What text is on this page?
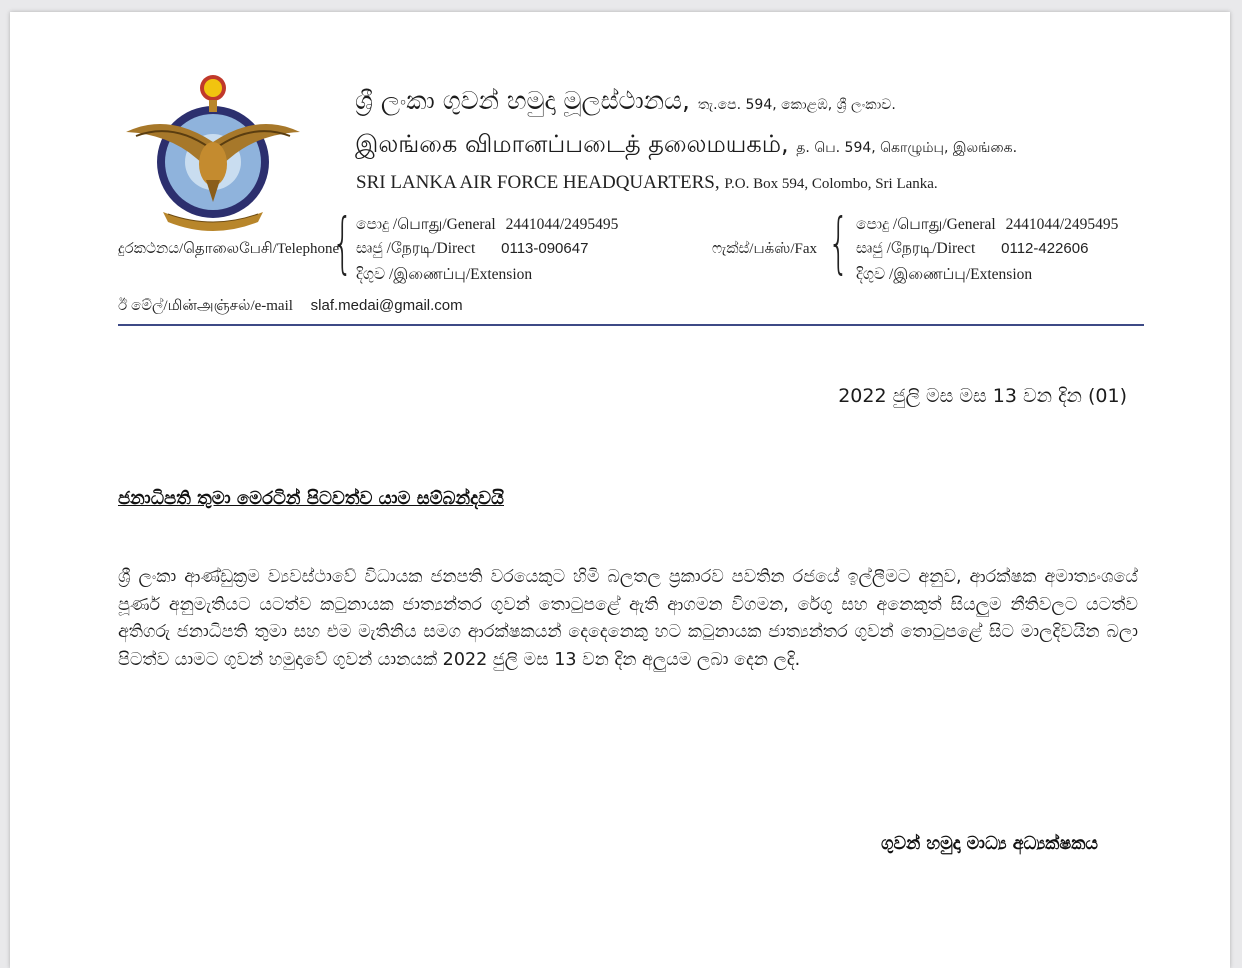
ශ්‍රී ලංකා ගුවන් හමුදා මූලස්ථානය, තැ.පෙ. 594, කොළඹ, ශ්‍රී ලංකාව.
இலங்கை விமானப்படைத் தலைமயகம், த. பெ. 594, கொழும்பு, இலங்கை.
SRI LANKA AIR FORCE HEADQUARTERS, P.O. Box 594, Colombo, Sri Lanka.
දුරකථනය/தொலைபேசி/Telephone
{ පොදු /பொது/General 2441044/2495495
සෘජු /நேரடி/Direct 0113-090647
දිගුව /இணைப்பு/Extension
ෆැක්ස්/பக்ஸ்/Fax { පොදු /பொது/General 2441044/2495495
සෘජු /நேரடி/Direct 0112-422606
දිගුව /இணைப்பு/Extension
ඊ මේල්/மின்அஞ்சல்/e-mail slaf.medai@gmail.com
2022 ජුලි මස මස 13 වන දින (01)
ජනාධිපති තුමා මෙරටින් පිටවත්ව යාම සම්බන්දවයි
ශ්‍රී ලංකා ආණ්ඩුක්‍රම ව්‍යවස්ථාවේ විධායක ජනපති වරයෙකුට හිමි බලතල ප්‍රකාරව පවතින රජයේ ඉල්ලීමට අනුව, ආරක්ෂක අමාත්‍යංශයේ පූර්ණ අනුමැතියට යටත්ව කටුනායක ජාත්‍යන්තර ගුවන් තොටුපළේ ඇති ආගමන විගමන, රේගු සහ අනෙකුත් සියලුම නීතිවලට යටත්ව අතිගරු ජනාධිපති තුමා සහ එම මැතිනිය සමග ආරක්ෂකයන් දෙදෙනෙකු හට කටුනායක ජාත්‍යන්තර ගුවන් තොටුපළේ සිට මාලදිවයින බලා පිටත්ව යාමට ගුවන් හමුදාවේ ගුවන් යානයක් 2022 ජුලි මස 13 වන දින අලුයම ලබා දෙන ලදි.
ගුවන් හමුදා මාධ්‍ය අධ්‍යක්ෂකය
